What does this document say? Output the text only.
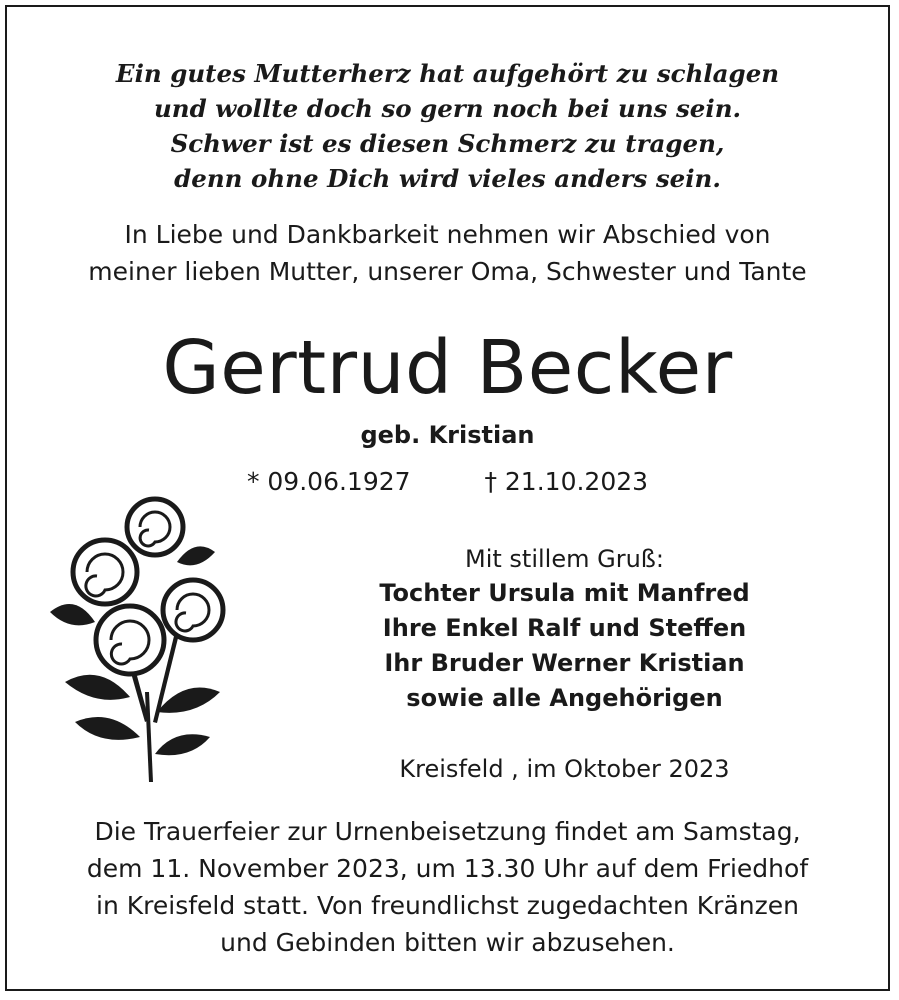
Ein gutes Mutterherz hat aufgehört zu schlagen
und wollte doch so gern noch bei uns sein.
Schwer ist es diesen Schmerz zu tragen,
denn ohne Dich wird vieles anders sein.
In Liebe und Dankbarkeit nehmen wir Abschied von
meiner lieben Mutter, unserer Oma, Schwester und Tante
Gertrud Becker
geb. Kristian
* 09.06.1927	† 21.10.2023
Mit stillem Gruß:
Tochter Ursula mit Manfred
Ihre Enkel Ralf und Steffen
Ihr Bruder Werner Kristian
sowie alle Angehörigen
Kreisfeld , im Oktober 2023
Die Trauerfeier zur Urnenbeisetzung findet am Samstag,
dem 11. November 2023, um 13.30 Uhr auf dem Friedhof
in Kreisfeld statt. Von freundlichst zugedachten Kränzen
und Gebinden bitten wir abzusehen.
